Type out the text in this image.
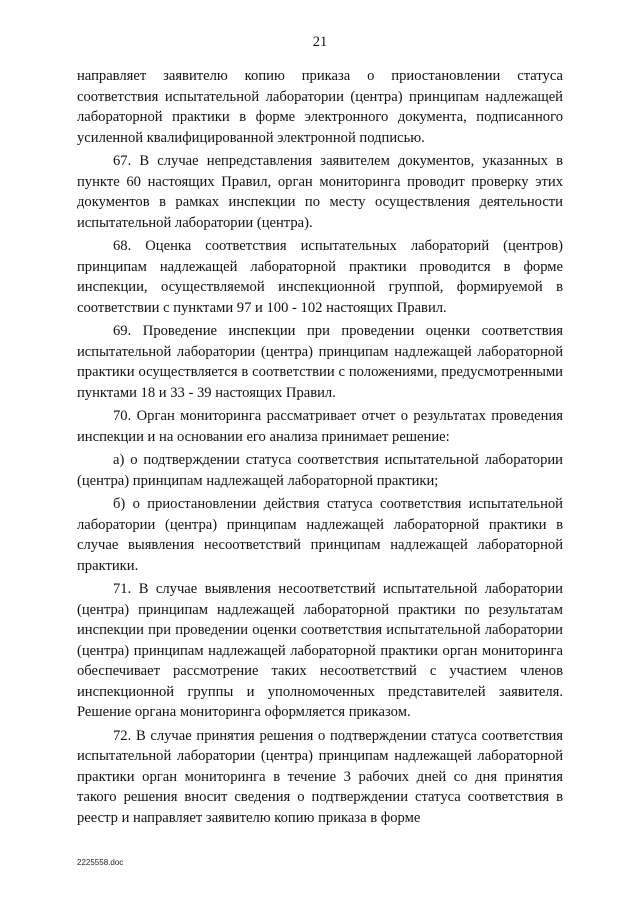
21

направляет заявителю копию приказа о приостановлении статуса соответствия испытательной лаборатории (центра) принципам надлежащей лабораторной практики в форме электронного документа, подписанного усиленной квалифицированной электронной подписью.

67. В случае непредставления заявителем документов, указанных в пункте 60 настоящих Правил, орган мониторинга проводит проверку этих документов в рамках инспекции по месту осуществления деятельности испытательной лаборатории (центра).

68. Оценка соответствия испытательных лабораторий (центров) принципам надлежащей лабораторной практики проводится в форме инспекции, осуществляемой инспекционной группой, формируемой в соответствии с пунктами 97 и 100 - 102 настоящих Правил.

69. Проведение инспекции при проведении оценки соответствия испытательной лаборатории (центра) принципам надлежащей лабораторной практики осуществляется в соответствии с положениями, предусмотренными пунктами 18 и 33 - 39 настоящих Правил.

70. Орган мониторинга рассматривает отчет о результатах проведения инспекции и на основании его анализа принимает решение:

а) о подтверждении статуса соответствия испытательной лаборатории (центра) принципам надлежащей лабораторной практики;

б) о приостановлении действия статуса соответствия испытательной лаборатории (центра) принципам надлежащей лабораторной практики в случае выявления несоответствий принципам надлежащей лабораторной практики.

71. В случае выявления несоответствий испытательной лаборатории (центра) принципам надлежащей лабораторной практики по результатам инспекции при проведении оценки соответствия испытательной лаборатории (центра) принципам надлежащей лабораторной практики орган мониторинга обеспечивает рассмотрение таких несоответствий с участием членов инспекционной группы и уполномоченных представителей заявителя. Решение органа мониторинга оформляется приказом.

72. В случае принятия решения о подтверждении статуса соответствия испытательной лаборатории (центра) принципам надлежащей лабораторной практики орган мониторинга в течение 3 рабочих дней со дня принятия такого решения вносит сведения о подтверждении статуса соответствия в реестр и направляет заявителю копию приказа в форме

2225558.doc
